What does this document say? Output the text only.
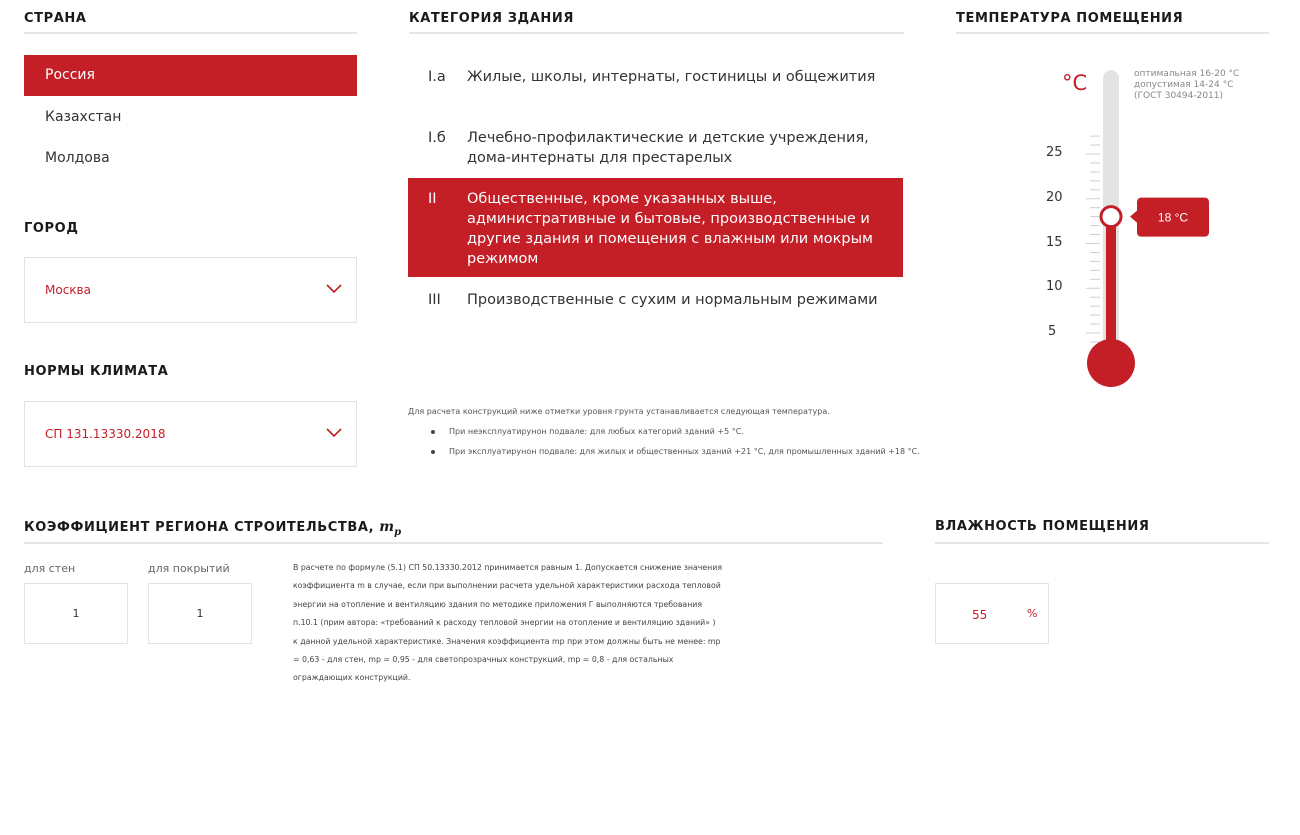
СТРАНА
Россия
Казахстан
Молдова
ГОРОД
Москва
НОРМЫ КЛИМАТА
СП 131.13330.2018
КАТЕГОРИЯ ЗДАНИЯ
I.а Жилые, школы, интернаты, гостиницы и общежития
I.б Лечебно-профилактические и детские учреждения, дома-интернаты для престарелых
II Общественные, кроме указанных выше, административные и бытовые, производственные и другие здания и помещения с влажным или мокрым режимом
III Производственные с сухим и нормальным режимами
Для расчета конструкций ниже отметки уровня грунта устанавливается следующая температура.
При неэксплуатирунон подвале: для любых категорий зданий +5 °С.
При эксплуатирунон подвале: для жилых и общественных зданий +21 °С, для промышленных зданий +18 °С.
ТЕМПЕРАТУРА ПОМЕЩЕНИЯ
°С	оптимальная 16-20 °С
допустимая 14-24 °С
(ГОСТ 30494-2011)
18 °С
25
20
15
10
5
КОЭФФИЦИЕНТ РЕГИОНА СТРОИТЕЛЬСТВА, $m_р$
для стен
1
для покрытий
1
В расчете по формуле (5.1) СП 50.13330.2012 принимается равным 1. Допускается снижение значения
коэффициента m в случае, если при выполнении расчета удельной характеристики расхода тепловой
энергии на отопление и вентиляцию здания по методике приложения Г выполняются требования
п.10.1 (прим автора: «требований к расходу тепловой энергии на отопление и вентиляцию зданий» )
к данной удельной характеристике. Значения коэффициента mр при этом должны быть не менее: mр
= 0,63 - для стен, mр = 0,95 - для светопрозрачных конструкций, mр = 0,8 - для остальных
ограждающих конструкций.
ВЛАЖНОСТЬ ПОМЕЩЕНИЯ
55	%
